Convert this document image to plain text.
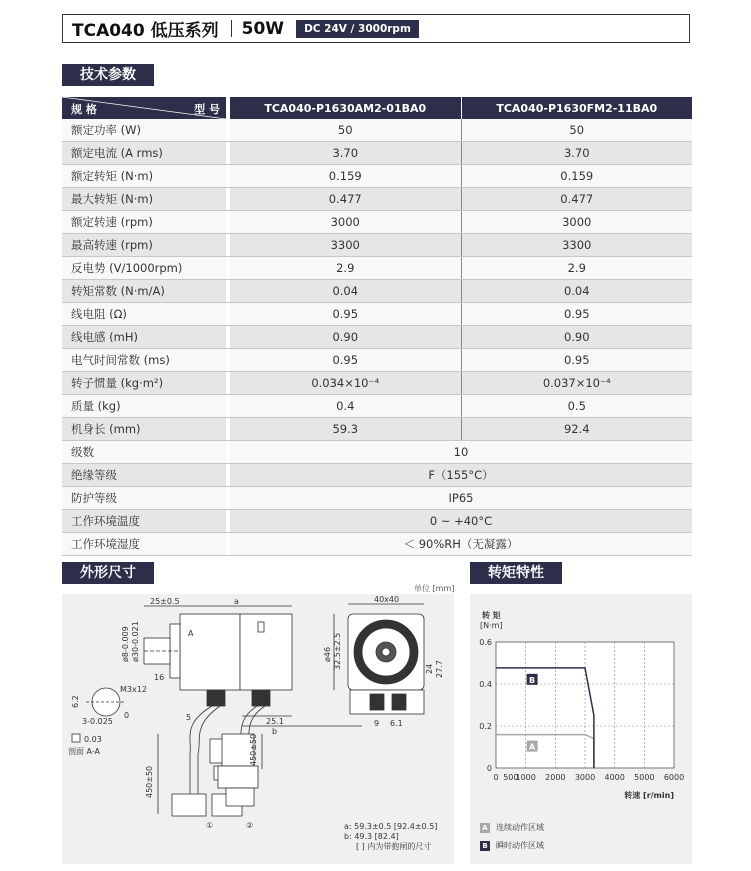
TCA040 低压系列 50W	DC 24V ∕ 3000rpm
技术参数
规 格 型 号		TCA040-P1630AM2-01BA0	TCA040-P1630FM2-11BA0
额定功率 (W)		50	50
额定电流 (A rms)		3.70	3.70
额定转矩 (N·m)		0.159	0.159
最大转矩 (N·m)		0.477	0.477
额定转速 (rpm)		3000	3000
最高转速 (rpm)		3300	3300
反电势 (V/1000rpm)		2.9	2.9
转矩常数 (N·m/A)		0.04	0.04
线电阻 (Ω)		0.95	0.95
线电感 (mH)		0.90	0.90
电气时间常数 (ms)		0.95	0.95
转子惯量 (kg·m²)		0.034×10⁻⁴	0.037×10⁻⁴
质量 (kg)		0.4	0.5
机身长 (mm)		59.3	92.4
级数		10	
绝缘等级		F（155°C）	
防护等级		IP65	
工作环境温度		0 ~ +40°C	
工作环境湿度		＜ 90%RH（无凝露）	
外形尺寸
单位 [mm]
25±0.5	a
A
16
5
M3x12
25.1
b
450±50
450±50
3-0.025
0.03
剖面 A-A
6.2
0
ø30-0.021
ø8-0.009
40x40
ø46 32.5±2.5
9 6.1
24 27.7
①	②	a: 59.3±0.5 [92.4±0.5]
b: 49.3 [82.4]
[ ] 内为带抱闸的尺寸
转矩特性
0
0.2
0.4
0.6
0 500
1000 2000 3000 4000 5000 6000
转 矩
[N·m]
转速 [r/min]
A
B
A 连续动作区域
B 瞬时动作区域
